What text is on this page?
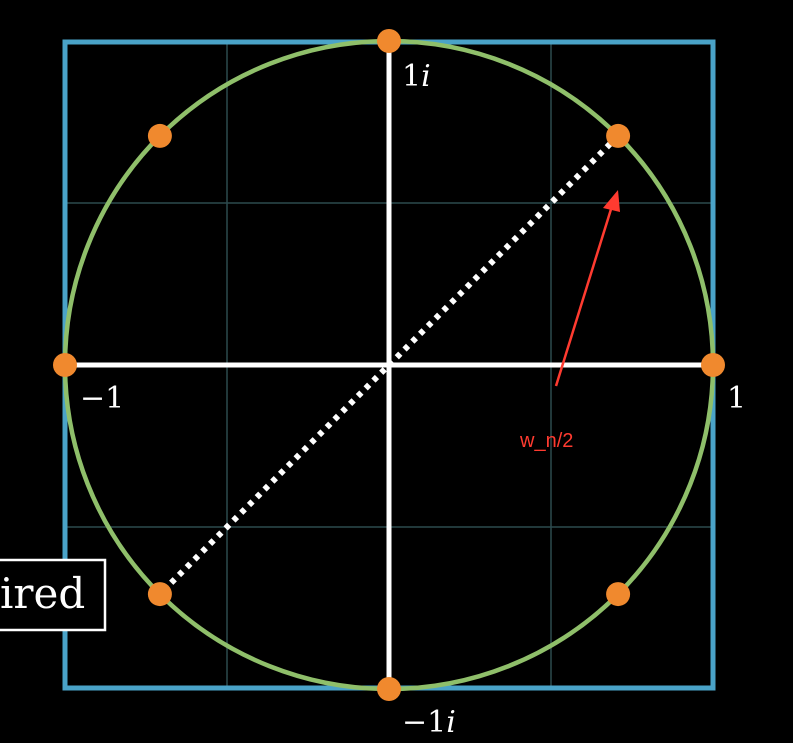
1
−1
1i
−1i
ired
w_n/2
